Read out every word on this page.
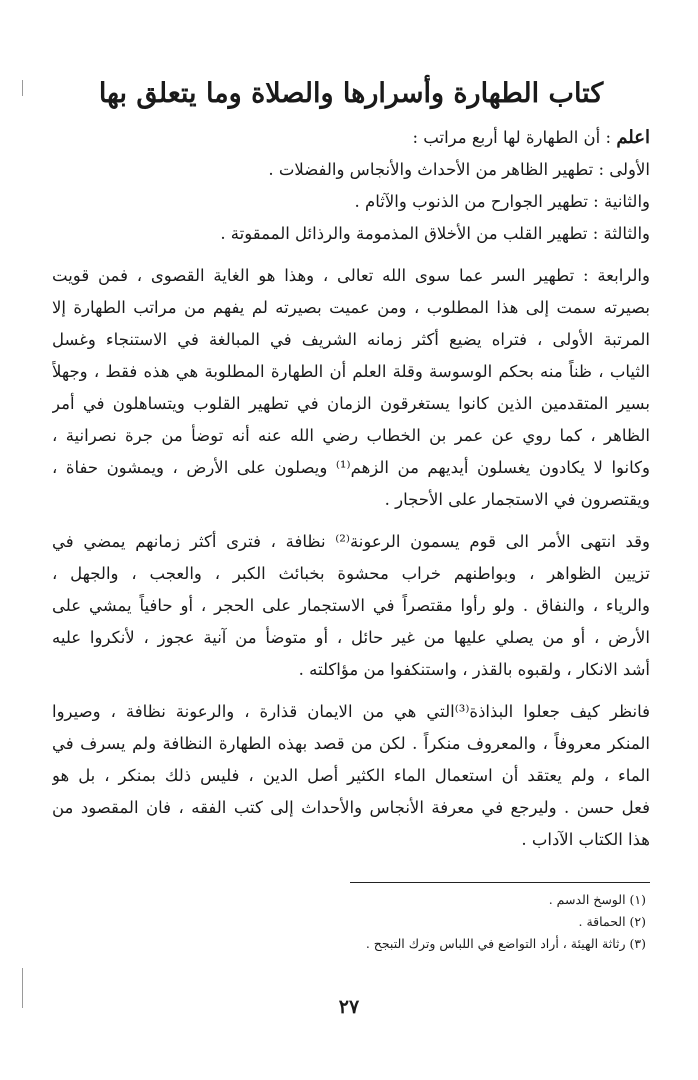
كتاب الطهارة وأسرارها والصلاة وما يتعلق بها
اعلم : أن الطهارة لها أربع مراتب :
الأولى : تطهير الظاهر من الأحداث والأنجاس والفضلات .
والثانية : تطهير الجوارح من الذنوب والآثام .
والثالثة : تطهير القلب من الأخلاق المذمومة والرذائل الممقوتة .
والرابعة : تطهير السر عما سوى الله تعالى ، وهذا هو الغاية القصوى ، فمن قويت
بصيرته سمت إلى هذا المطلوب ، ومن عميت بصيرته لم يفهم من مراتب الطهارة إلا
المرتبة الأولى ، فتراه يضيع أكثر زمانه الشريف في المبالغة في الاستنجاء وغسل
الثياب ، ظناً منه بحكم الوسوسة وقلة العلم أن الطهارة المطلوبة هي هذه فقط ، وجهلاً
بسير المتقدمين الذين كانوا يستغرقون الزمان في تطهير القلوب ويتساهلون في أمر
الظاهر ، كما روي عن عمر بن الخطاب رضي الله عنه أنه توضأ من جرة نصرانية ،
وكانوا لا يكادون يغسلون أيديهم من الزهم⁽¹⁾ ويصلون على الأرض ، ويمشون حفاة ،
ويقتصرون في الاستجمار على الأحجار .
وقد انتهى الأمر الى قوم يسمون الرعونة⁽²⁾ نظافة ، فترى أكثر زمانهم يمضي في
تزيين الظواهر ، وبواطنهم خراب محشوة بخبائث الكبر ، والعجب ، والجهل ،
والرياء ، والنفاق . ولو رأوا مقتصراً في الاستجمار على الحجر ، أو حافياً يمشي على
الأرض ، أو من يصلي عليها من غير حائل ، أو متوضأ من آنية عجوز ، لأنكروا عليه
أشد الانكار ، ولقبوه بالقذر ، واستنكفوا من مؤاكلته .
فانظر كيف جعلوا البذاذة⁽³⁾التي هي من الايمان قذارة ، والرعونة نظافة ، وصيروا
المنكر معروفاً ، والمعروف منكراً . لكن من قصد بهذه الطهارة النظافة ولم يسرف في
الماء ، ولم يعتقد أن استعمال الماء الكثير أصل الدين ، فليس ذلك بمنكر ، بل هو
فعل حسن . وليرجع في معرفة الأنجاس والأحداث إلى كتب الفقه ، فان المقصود من
هذا الكتاب الآداب .
(١) الوسخ الدسم .
(٢) الحماقة .
(٣) رثاثة الهيئة ، أراد التواضع في اللباس وترك التبجح .
٢٧
